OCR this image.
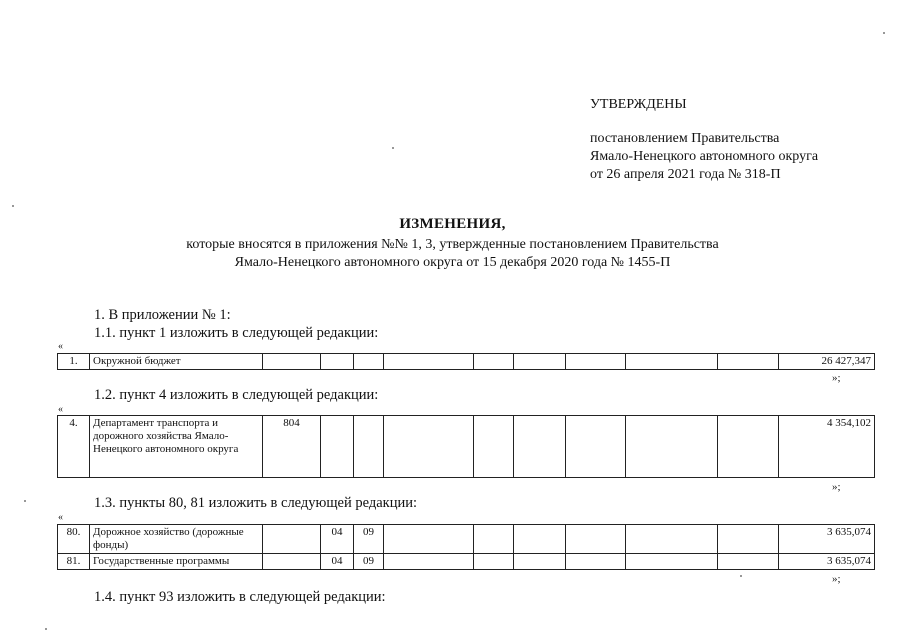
УТВЕРЖДЕНЫ
постановлением Правительства
Ямало-Ненецкого автономного округа
от 26 апреля 2021 года № 318-П
ИЗМЕНЕНИЯ,
которые вносятся в приложения №№ 1, 3, утвержденные постановлением Правительства
Ямало-Ненецкого автономного округа от 15 декабря 2020 года № 1455-П
1. В приложении № 1:
1.1. пункт 1 изложить в следующей редакции:
«
1.	Окружной бюджет										26 427,347
»;
1.2. пункт 4 изложить в следующей редакции:
«
4.	Департамент транспорта и дорожного хозяйства Ямало-Ненецкого автономного округа	804									4 354,102
»;
1.3. пункты 80, 81 изложить в следующей редакции:
«
80.	Дорожное хозяйство (дорожные фонды)		04	09							3 635,074
81.	Государственные программы		04	09							3 635,074
»;
1.4. пункт 93 изложить в следующей редакции:
